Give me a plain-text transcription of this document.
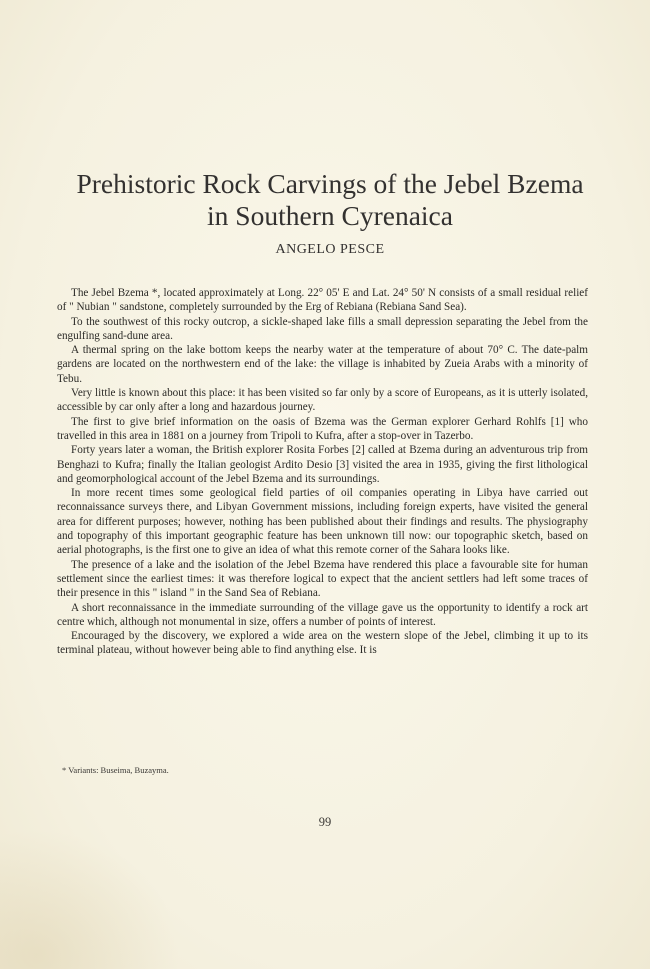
Prehistoric Rock Carvings of the Jebel Bzema
in Southern Cyrenaica
ANGELO PESCE

The Jebel Bzema *, located approximately at Long. 22° 05' E and Lat. 24° 50' N consists of a small residual relief of " Nubian " sandstone, completely surrounded by the Erg of Rebiana (Rebiana Sand Sea).

To the southwest of this rocky outcrop, a sickle-shaped lake fills a small depression separating the Jebel from the engulfing sand-dune area.

A thermal spring on the lake bottom keeps the nearby water at the temperature of about 70° C. The date-palm gardens are located on the northwestern end of the lake: the village is inhabited by Zueia Arabs with a minority of Tebu.

Very little is known about this place: it has been visited so far only by a score of Europeans, as it is utterly isolated, accessible by car only after a long and hazardous journey.

The first to give brief information on the oasis of Bzema was the German explorer Gerhard Rohlfs [1] who travelled in this area in 1881 on a journey from Tripoli to Kufra, after a stop-over in Tazerbo.

Forty years later a woman, the British explorer Rosita Forbes [2] called at Bzema during an adventurous trip from Benghazi to Kufra; finally the Italian geologist Ardito Desio [3] visited the area in 1935, giving the first lithological and geomorphological account of the Jebel Bzema and its surroundings.

In more recent times some geological field parties of oil companies operating in Libya have carried out reconnaissance surveys there, and Libyan Government missions, including foreign experts, have visited the general area for different purposes; however, nothing has been published about their findings and results. The physiography and topography of this important geographic feature has been unknown till now: our topographic sketch, based on aerial photographs, is the first one to give an idea of what this remote corner of the Sahara looks like.

The presence of a lake and the isolation of the Jebel Bzema have rendered this place a favourable site for human settlement since the earliest times: it was therefore logical to expect that the ancient settlers had left some traces of their presence in this " island " in the Sand Sea of Rebiana.

A short reconnaissance in the immediate surrounding of the village gave us the opportunity to identify a rock art centre which, although not monumental in size, offers a number of points of interest.

Encouraged by the discovery, we explored a wide area on the western slope of the Jebel, climbing it up to its terminal plateau, without however being able to find anything else. It is

* Variants: Buseima, Buzayma.

99
